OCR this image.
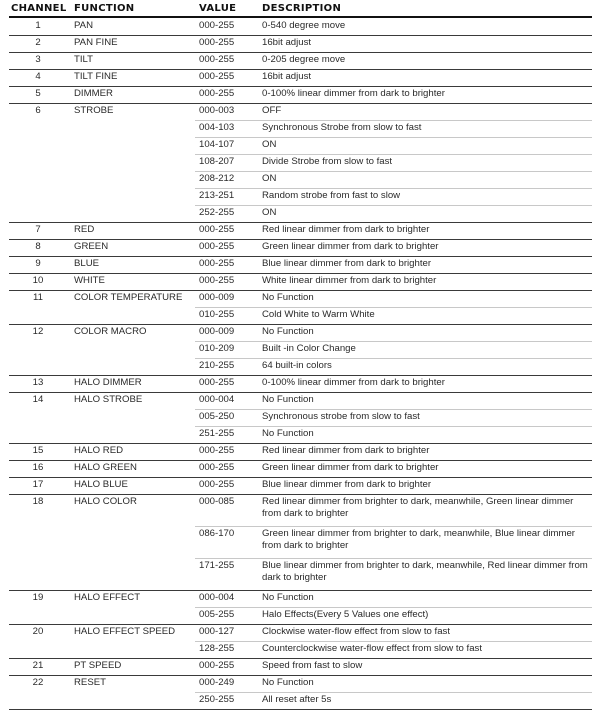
CHANNEL FUNCTION	VALUE	DESCRIPTION
1	PAN	000-255	0-540 degree move
2	PAN FINE	000-255	16bit adjust
3	TILT	000-255	0-205 degree move
4	TILT FINE	000-255	16bit adjust
5	DIMMER	000-255	0-100% linear dimmer from dark to brighter
6	STROBE	000-003	OFF
004-103	Synchronous Strobe from slow to fast
104-107	ON
108-207	Divide Strobe from slow to fast
208-212	ON
213-251	Random strobe from fast to slow
252-255	ON
7	RED	000-255	Red linear dimmer from dark to brighter
8	GREEN	000-255	Green linear dimmer from dark to brighter
9	BLUE	000-255	Blue linear dimmer from dark to brighter
10	WHITE	000-255	White linear dimmer from dark to brighter
11	COLOR TEMPERATURE 000-009	No Function
010-255	Cold White to Warm White
12	COLOR MACRO	000-009	No Function
010-209	Built -in Color Change
210-255	64 built-in colors
13	HALO DIMMER	000-255	0-100% linear dimmer from dark to brighter
14	HALO STROBE	000-004	No Function
005-250	Synchronous strobe from slow to fast
251-255	No Function
15	HALO RED	000-255	Red linear dimmer from dark to brighter
16	HALO GREEN	000-255	Green linear dimmer from dark to brighter
17	HALO BLUE	000-255	Blue linear dimmer from dark to brighter
18	HALO COLOR	000-085	Red linear dimmer from brighter to dark, meanwhile, Green linear dimmer from dark to brighter
086-170	Green linear dimmer from brighter to dark, meanwhile, Blue linear dimmer from dark to brighter
171-255	Blue linear dimmer from brighter to dark, meanwhile, Red linear dimmer from dark to brighter
19	HALO EFFECT	000-004	No Function
005-255	Halo Effects(Every 5 Values one effect)
20	HALO EFFECT SPEED 000-127	Clockwise water-flow effect from slow to fast
128-255	Counterclockwise water-flow effect from slow to fast
21	PT SPEED	000-255	Speed from fast to slow
22	RESET	000-249	No Function
250-255	All reset after 5s
